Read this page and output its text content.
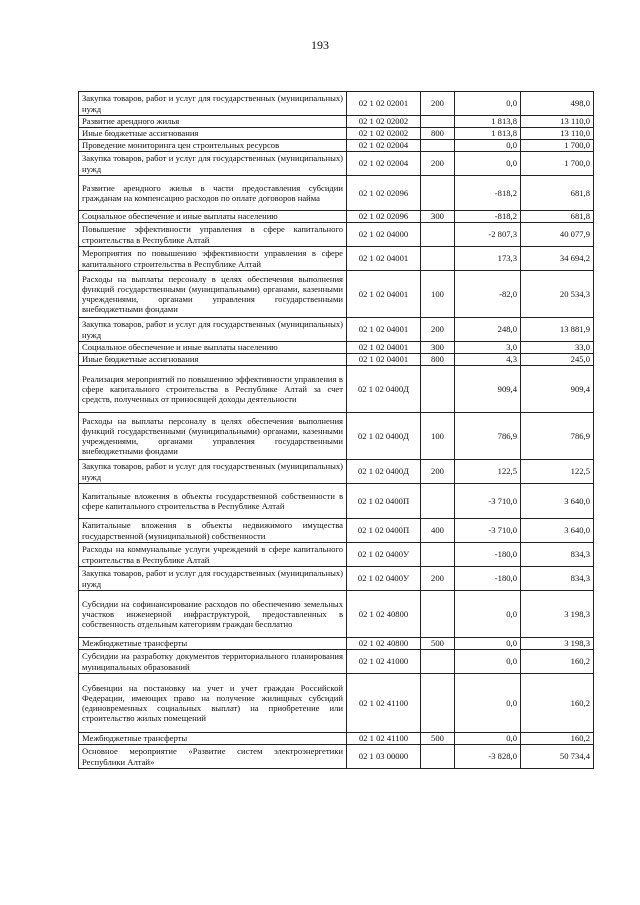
193
Закупка товаров, работ и услуг для государственных (муниципальных) нужд	02 1 02 02001	200	0,0	498,0
Развитие арендного жилья	02 1 02 02002		1 813,8	13 110,0
Иные бюджетные ассигнования	02 1 02 02002	800	1 813,8	13 110,0
Проведение мониторинга цен строительных ресурсов	02 1 02 02004		0,0	1 700,0
Закупка товаров, работ и услуг для государственных (муниципальных) нужд	02 1 02 02004	200	0,0	1 700,0
Развитие арендного жилья в части предоставления субсидии гражданам на компенсацию расходов по оплате договоров найма	02 1 02 02096		-818,2	681,8
Социальное обеспечение и иные выплаты населению	02 1 02 02096	300	-818,2	681,8
Повышение эффективности управления в сфере капитального строительства в Республике Алтай	02 1 02 04000		-2 807,3	40 077,9
Мероприятия по повышению эффективности управления в сфере капитального строительства в Республике Алтай	02 1 02 04001		173,3	34 694,2
Расходы на выплаты персоналу в целях обеспечения выполнения функций государственными (муниципальными) органами, казенными учреждениями, органами управления государственными внебюджетными фондами	02 1 02 04001	100	-82,0	20 534,3
Закупка товаров, работ и услуг для государственных (муниципальных) нужд	02 1 02 04001	200	248,0	13 881,9
Социальное обеспечение и иные выплаты населению	02 1 02 04001	300	3,0	33,0
Иные бюджетные ассигнования	02 1 02 04001	800	4,3	245,0
Реализация мероприятий по повышению эффективности управления в сфере капитального строительства в Республике Алтай за счет средств, полученных от приносящей доходы деятельности	02 1 02 0400Д		909,4	909,4
Расходы на выплаты персоналу в целях обеспечения выполнения функций государственными (муниципальными) органами, казенными учреждениями, органами управления государственными внебюджетными фондами	02 1 02 0400Д	100	786,9	786,9
Закупка товаров, работ и услуг для государственных (муниципальных) нужд	02 1 02 0400Д	200	122,5	122,5
Капитальные вложения в объекты государственной собственности в сфере капитального строительства в Республике Алтай	02 1 02 0400П		-3 710,0	3 640,0
Капитальные вложения в объекты недвижимого имущества государственной (муниципальной) собственности	02 1 02 0400П	400	-3 710,0	3 640,0
Расходы на коммунальные услуги учреждений в сфере капитального строительства в Республике Алтай	02 1 02 0400У		-180,0	834,3
Закупка товаров, работ и услуг для государственных (муниципальных) нужд	02 1 02 0400У	200	-180,0	834,3
Субсидии на софинансирование расходов по обеспечению земельных участков инженерной инфраструктурой, предоставленных в собственность отдельным категориям граждан бесплатно	02 1 02 40800		0,0	3 198,3
Межбюджетные трансферты	02 1 02 40800	500	0,0	3 198,3
Субсидии на разработку документов территориального планирования муниципальных образований	02 1 02 41000		0,0	160,2
Субвенции на постановку на учет и учет граждан Российской Федерации, имеющих право на получение жилищных субсидий (единовременных социальных выплат) на приобретение или строительство жилых помещений	02 1 02 41100		0,0	160,2
Межбюджетные трансферты	02 1 02 41100	500	0,0	160,2
Основное мероприятие «Развитие систем электроэнергетики Республики Алтай»	02 1 03 00000		-3 828,0	50 734,4
